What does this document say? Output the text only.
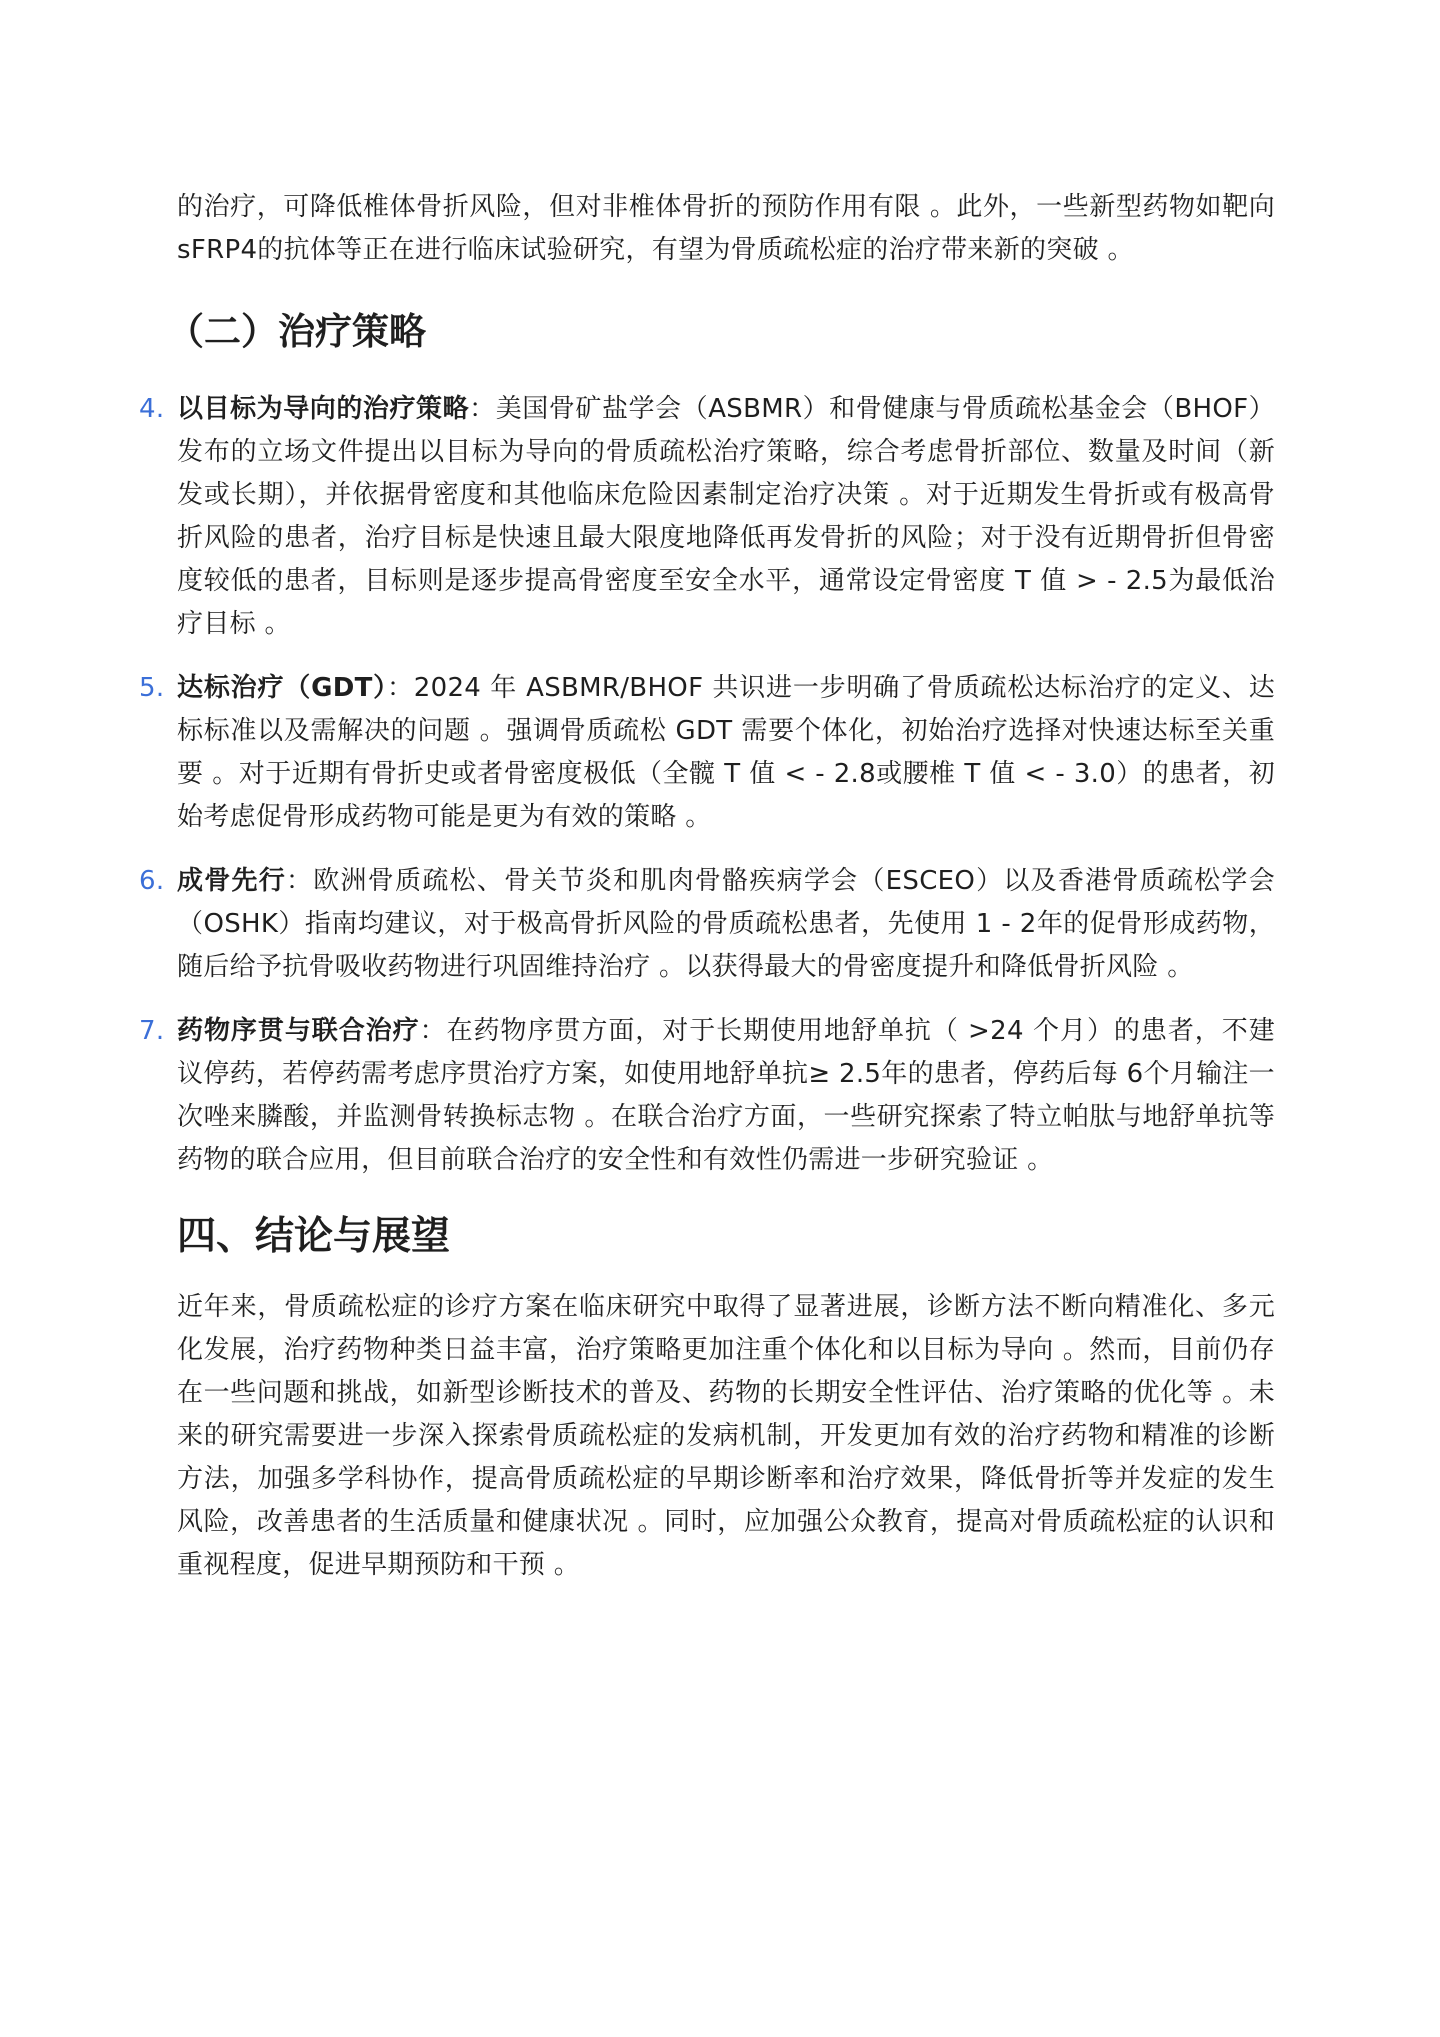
的治疗，可降低椎体骨折风险，但对非椎体骨折的预防作用有限 。此外，一些新型药物如靶向 sFRP4的抗体等正在进行临床试验研究，有望为骨质疏松症的治疗带来新的突破 。

（二）治疗策略
4. 以目标为导向的治疗策略：美国骨矿盐学会（ASBMR）和骨健康与骨质疏松基金会（BHOF）发布的立场文件提出以目标为导向的骨质疏松治疗策略，综合考虑骨折部位、数量及时间（新发或长期），并依据骨密度和其他临床危险因素制定治疗决策 。对于近期发生骨折或有极高骨折风险的患者，治疗目标是快速且最大限度地降低再发骨折的风险；对于没有近期骨折但骨密度较低的患者，目标则是逐步提高骨密度至安全水平，通常设定骨密度 T 值 > - 2.5为最低治疗目标 。
5. 达标治疗（GDT）：2024 年 ASBMR/BHOF 共识进一步明确了骨质疏松达标治疗的定义、达标标准以及需解决的问题 。强调骨质疏松 GDT 需要个体化，初始治疗选择对快速达标至关重要 。对于近期有骨折史或者骨密度极低（全髋 T 值 < - 2.8或腰椎 T 值 < - 3.0）的患者，初始考虑促骨形成药物可能是更为有效的策略 。
6. 成骨先行：欧洲骨质疏松、骨关节炎和肌肉骨骼疾病学会（ESCEO）以及香港骨质疏松学会（OSHK）指南均建议，对于极高骨折风险的骨质疏松患者，先使用 1 - 2年的促骨形成药物，随后给予抗骨吸收药物进行巩固维持治疗 。以获得最大的骨密度提升和降低骨折风险 。
7. 药物序贯与联合治疗：在药物序贯方面，对于长期使用地舒单抗（ >24 个月）的患者，不建议停药，若停药需考虑序贯治疗方案，如使用地舒单抗≥ 2.5年的患者，停药后每 6个月输注一次唑来膦酸，并监测骨转换标志物 。在联合治疗方面，一些研究探索了特立帕肽与地舒单抗等药物的联合应用，但目前联合治疗的安全性和有效性仍需进一步研究验证 。
四、结论与展望

近年来，骨质疏松症的诊疗方案在临床研究中取得了显著进展，诊断方法不断向精准化、多元化发展，治疗药物种类日益丰富，治疗策略更加注重个体化和以目标为导向 。然而，目前仍存在一些问题和挑战，如新型诊断技术的普及、药物的长期安全性评估、治疗策略的优化等 。未来的研究需要进一步深入探索骨质疏松症的发病机制，开发更加有效的治疗药物和精准的诊断方法，加强多学科协作，提高骨质疏松症的早期诊断率和治疗效果，降低骨折等并发症的发生风险，改善患者的生活质量和健康状况 。同时，应加强公众教育，提高对骨质疏松症的认识和重视程度，促进早期预防和干预 。
